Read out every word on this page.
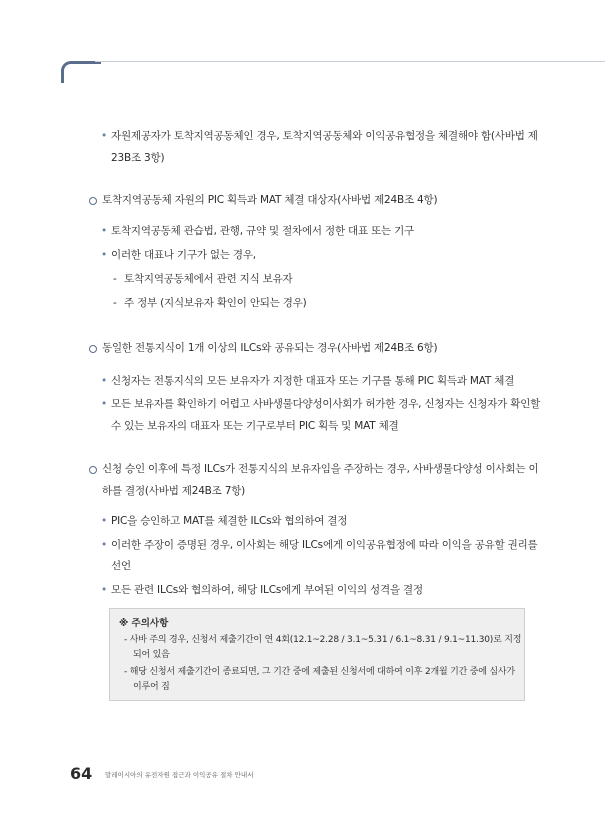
• 자원제공자가 토착지역공동체인 경우, 토착지역공동체와 이익공유협정을 체결해야 함(사바법 제
23B조 3항)
토착지역공동체 자원의 PIC 획득과 MAT 체결 대상자(사바법 제24B조 4항)
• 토착지역공동체 관습법, 관행, 규약 및 절차에서 정한 대표 또는 기구
• 이러한 대표나 기구가 없는 경우,
- 토착지역공동체에서 관련 지식 보유자
- 주 정부 (지식보유자 확인이 안되는 경우)
동일한 전통지식이 1개 이상의 ILCs와 공유되는 경우(사바법 제24B조 6항)
• 신청자는 전통지식의 모든 보유자가 지정한 대표자 또는 기구를 통해 PIC 획득과 MAT 체결
• 모든 보유자를 확인하기 어렵고 사바생물다양성이사회가 허가한 경우, 신청자는 신청자가 확인할
수 있는 보유자의 대표자 또는 기구로부터 PIC 획득 및 MAT 체결
신청 승인 이후에 특정 ILCs가 전통지식의 보유자임을 주장하는 경우, 사바생물다양성 이사회는 이
하를 결정(사바법 제24B조 7항)
• PIC을 승인하고 MAT를 체결한 ILCs와 협의하여 결정
• 이러한 주장이 증명된 경우, 이사회는 해당 ILCs에게 이익공유협정에 따라 이익을 공유할 권리를
선언
• 모든 관련 ILCs와 협의하여, 해당 ILCs에게 부여된 이익의 성격을 결정
※ 주의사항
- 사바 주의 경우, 신청서 제출기간이 연 4회(12.1~2.28 / 3.1~5.31 / 6.1~8.31 / 9.1~11.30)로 지정
되어 있음
- 해당 신청서 제출기간이 종료되면, 그 기간 중에 제출된 신청서에 대하여 이후 2개월 기간 중에 심사가
이루어 짐
64 말레이시아의 유전자원 접근과 이익공유 절차 안내서
